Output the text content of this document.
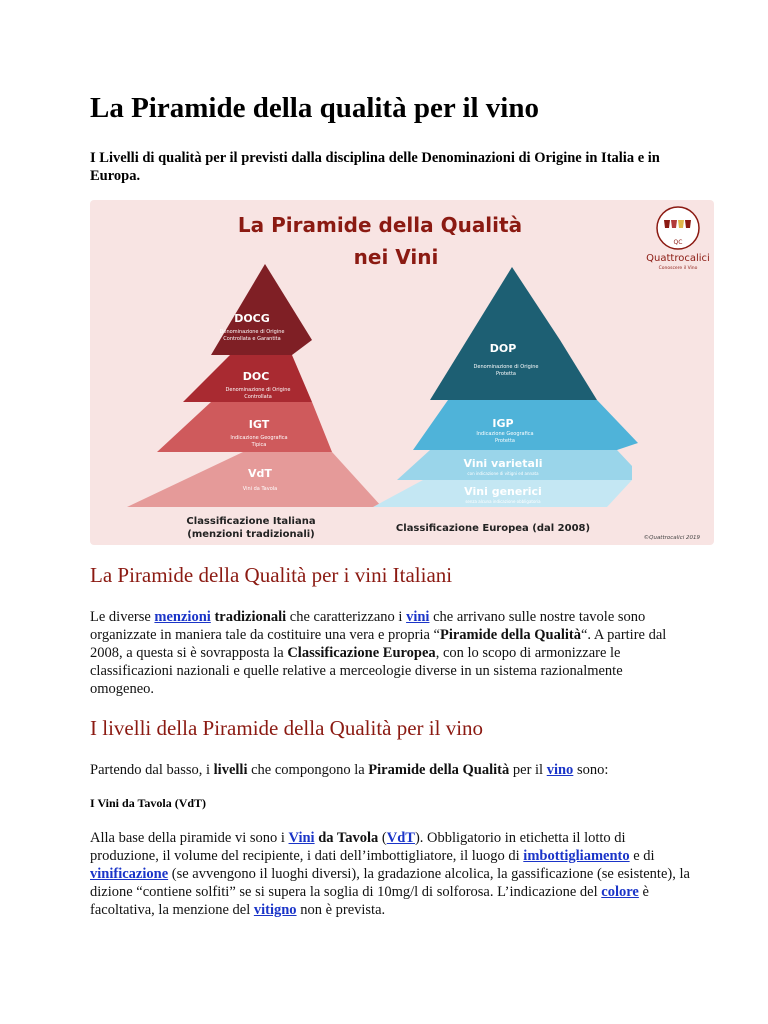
La Piramide della qualità per il vino

I Livelli di qualità per il previsti dalla disciplina delle Denominazioni di Origine in Italia e in Europa.

La Piramide della Qualità
nei Vini
QC
Quattrocalici
Conoscere il Vino
DOCG
Denominazione di Origine
Controllata e Garantita
DOC
Denominazione di Origine
Controllata
IGT
Indicazione Geografica
Tipica
VdT
Vini da Tavola
Classificazione Italiana
(menzioni tradizionali)
DOP
Denominazione di Origine
Protetta
IGP
Indicazione Geografica
Protetta
Vini varietali
con indicazione di vitigni ed annata
Vini generici
senza alcuna indicazione obbligatoria
Classificazione Europea (dal 2008)
©Quattrocalici 2019
La Piramide della Qualità per i vini Italiani

Le diverse menzioni tradizionali che caratterizzano i vini che arrivano sulle nostre tavole sono organizzate in maniera tale da costituire una vera e propria “Piramide della Qualità“. A partire dal 2008, a questa si è sovrapposta la Classificazione Europea, con lo scopo di armonizzare le classificazioni nazionali e quelle relative a merceologie diverse in un sistema razionalmente omogeneo.

I livelli della Piramide della Qualità per il vino

Partendo dal basso, i livelli che compongono la Piramide della Qualità per il vino sono:

I Vini da Tavola (VdT)

Alla base della piramide vi sono i Vini da Tavola (VdT). Obbligatorio in etichetta il lotto di produzione, il volume del recipiente, i dati dell’imbottigliatore, il luogo di imbottigliamento e di vinificazione (se avvengono il luoghi diversi), la gradazione alcolica, la gassificazione (se esistente), la dizione “contiene solfiti” se si supera la soglia di 10mg/l di solforosa. L’indicazione del colore è facoltativa, la menzione del vitigno non è prevista.
